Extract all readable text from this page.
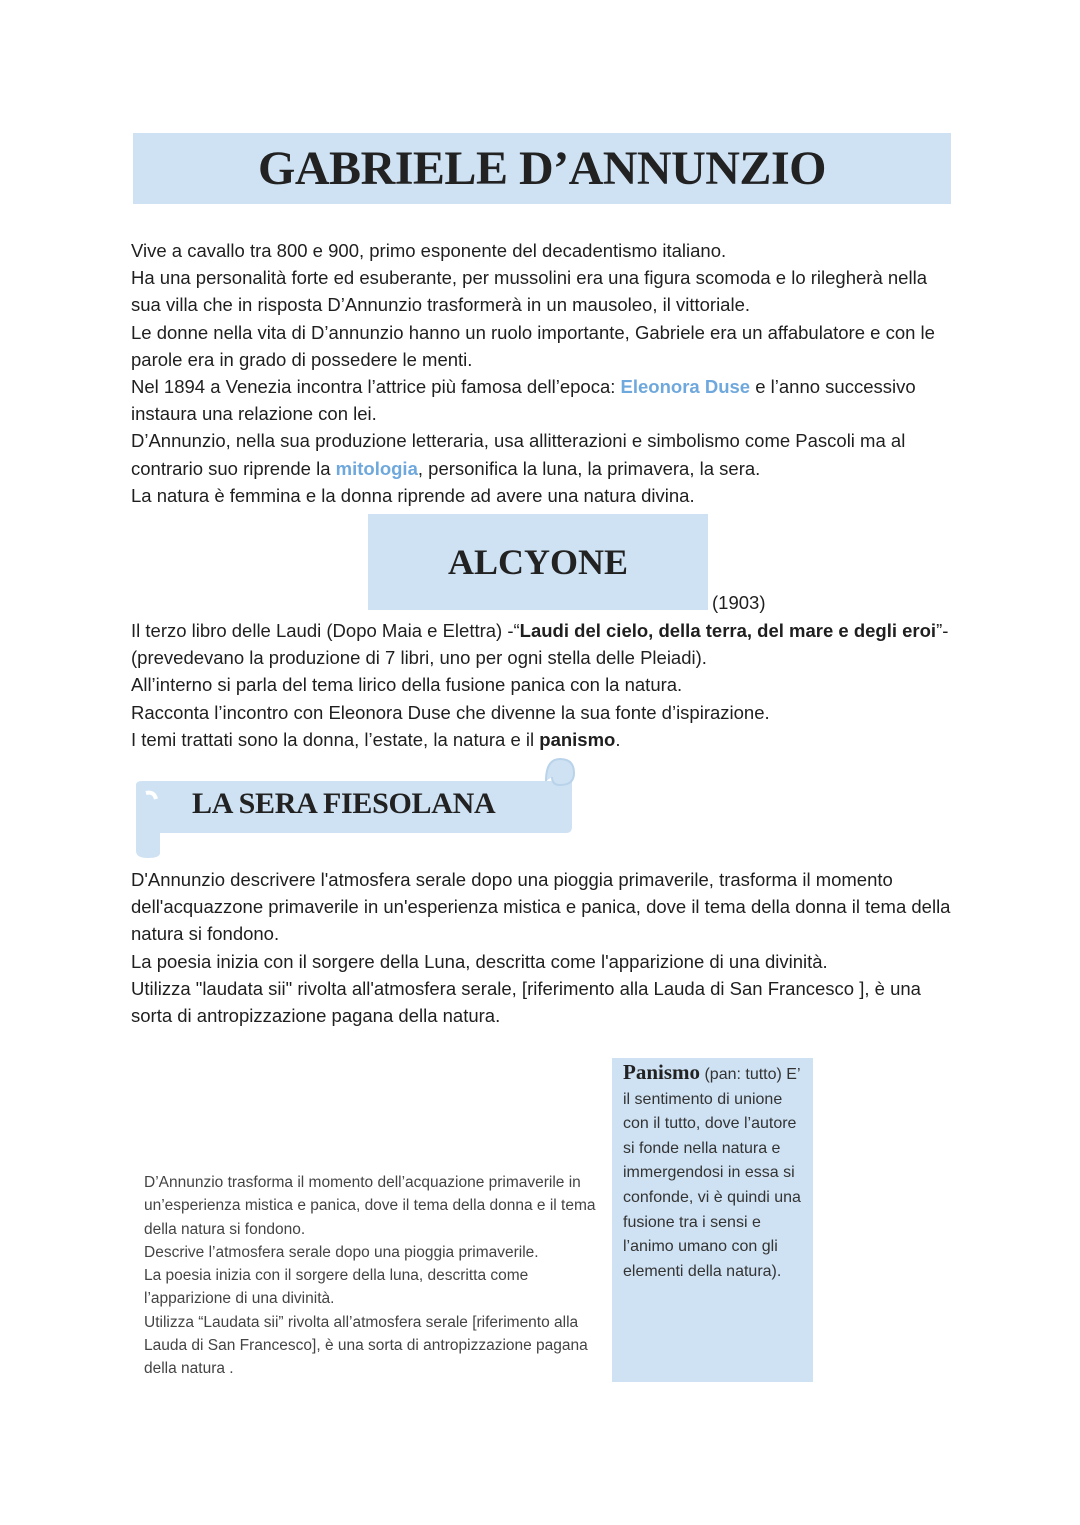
GABRIELE D’ANNUNZIO

Vive a cavallo tra 800 e 900, primo esponente del decadentismo italiano.

Ha una personalità forte ed esuberante, per mussolini era una figura scomoda e lo rilegherà nella sua villa che in risposta D’Annunzio trasformerà in un mausoleo, il vittoriale.

Le donne nella vita di D’annunzio hanno un ruolo importante, Gabriele era un affabulatore e con le parole era in grado di possedere le menti.

Nel 1894 a Venezia incontra l’attrice più famosa dell’epoca: Eleonora Duse e l’anno successivo instaura una relazione con lei.

D’Annunzio, nella sua produzione letteraria, usa allitterazioni e simbolismo come Pascoli ma al contrario suo riprende la mitologia, personifica la luna, la primavera, la sera.

La natura è femmina e la donna riprende ad avere una natura divina.

ALCYONE
(1903)

Il terzo libro delle Laudi (Dopo Maia e Elettra) -“Laudi del cielo, della terra, del mare e degli eroi”- (prevedevano la produzione di 7 libri, uno per ogni stella delle Pleiadi).

All’interno si parla del tema lirico della fusione panica con la natura.

Racconta l’incontro con Eleonora Duse che divenne la sua fonte d’ispirazione.

I temi trattati sono la donna, l’estate, la natura e il panismo.

LA SERA FIESOLANA

D'Annunzio descrivere l'atmosfera serale dopo una pioggia primaverile, trasforma il momento dell'acquazzone primaverile in un'esperienza mistica e panica, dove il tema della donna il tema della natura si fondono.

La poesia inizia con il sorgere della Luna, descritta come l'apparizione di una divinità.

Utilizza "laudata sii" rivolta all'atmosfera serale, [riferimento alla Lauda di San Francesco ], è una sorta di antropizzazione pagana della natura.

D’Annunzio trasforma il momento dell’acquazione primaverile in un’esperienza mistica e panica, dove il tema della donna e il tema della natura si fondono.

Descrive l’atmosfera serale dopo una pioggia primaverile.

La poesia inizia con il sorgere della luna, descritta come l’apparizione di una divinità.

Utilizza “Laudata sii” rivolta all’atmosfera serale [riferimento alla Lauda di San Francesco], è una sorta di antropizzazione pagana della natura .

Panismo (pan: tutto) E’ il sentimento di unione con il tutto, dove l’autore si fonde nella natura e immergendosi in essa si confonde, vi è quindi una fusione tra i sensi e l’animo umano con gli elementi della natura).
